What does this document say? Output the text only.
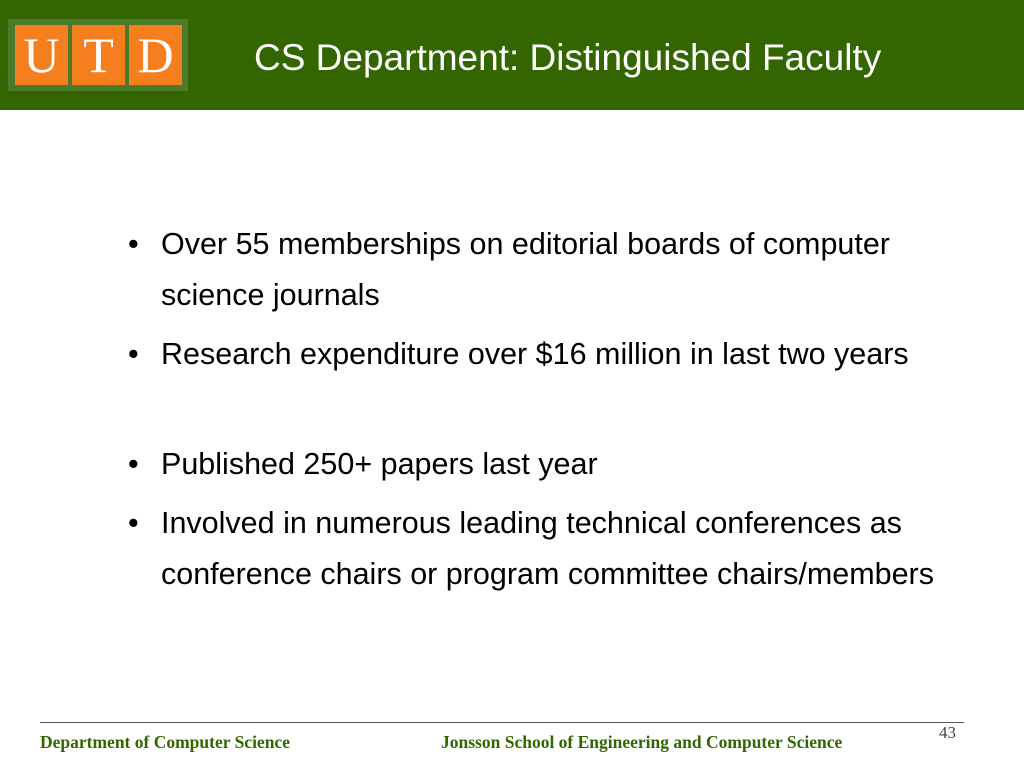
U T D CS Department: Distinguished Faculty
• Over 55 memberships on editorial boards of computer science journals
• Research expenditure over $16 million in last two years
• Published 250+ papers last year
• Involved in numerous leading technical conferences as conference chairs or program committee chairs/members
Department of Computer Science	Jonsson School of Engineering and Computer Science	43
